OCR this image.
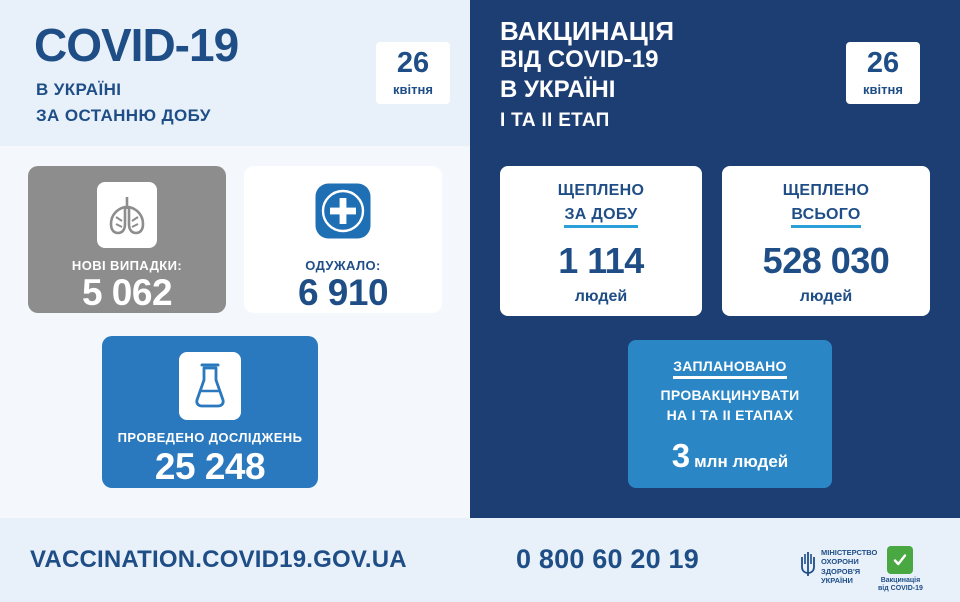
COVID-19
В УКРАЇНІ
ЗА ОСТАННЮ ДОБУ
26
квітня
ВАКЦИНАЦІЯ
ВІД COVID-19
В УКРАЇНІ
І ТА ІІ ЕТАП
26
квітня
НОВІ ВИПАДКИ:
5 062
ОДУЖАЛО:
6 910
ПРОВЕДЕНО ДОСЛІДЖЕНЬ
25 248
ЩЕПЛЕНО
ЗА ДОБУ
1 114
людей
ЩЕПЛЕНО
ВСЬОГО
528 030
людей
ЗАПЛАНОВАНО
ПРОВАКЦИНУВАТИ
НА І ТА ІІ ЕТАПАХ
3 млн людей
VACCINATION.COVID19.GOV.UA	0 800 60 20 19	МІНІСТЕРСТВО
ОХОРОНИ
ЗДОРОВ'Я
УКРАЇНИ	Вакцинація
від COVID-19
